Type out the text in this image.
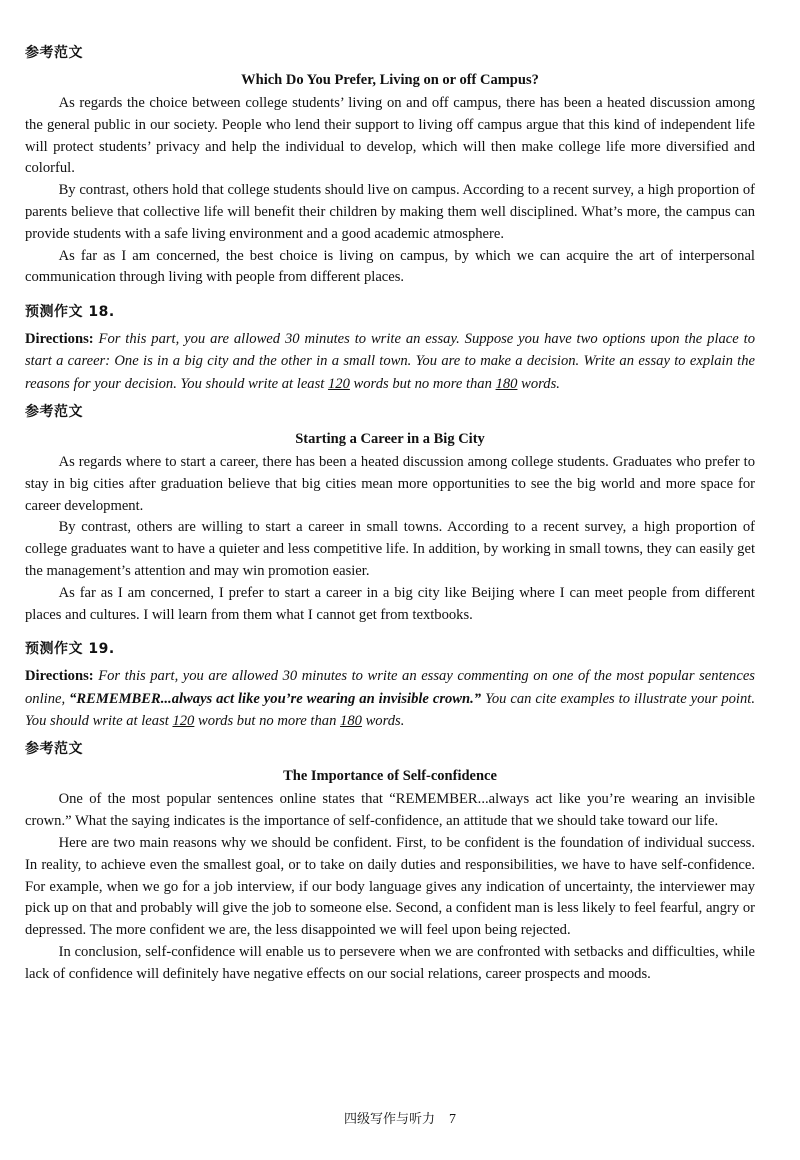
参考范文
Which Do You Prefer, Living on or off Campus?

As regards the choice between college students’ living on and off campus, there has been a heated discussion among the general public in our society. People who lend their support to living off campus argue that this kind of independent life will protect students’ privacy and help the individual to develop, which will then make college life more diversified and colorful.

By contrast, others hold that college students should live on campus. According to a recent survey, a high proportion of parents believe that collective life will benefit their children by making them well disciplined. What’s more, the campus can provide students with a safe living environment and a good academic atmosphere.

As far as I am concerned, the best choice is living on campus, by which we can acquire the art of interpersonal communication through living with people from different places.

预测作文 18.

Directions: For this part, you are allowed 30 minutes to write an essay. Suppose you have two options upon the place to start a career: One is in a big city and the other in a small town. You are to make a decision. Write an essay to explain the reasons for your decision. You should write at least 120 words but no more than 180 words.

参考范文
Starting a Career in a Big City

As regards where to start a career, there has been a heated discussion among college students. Graduates who prefer to stay in big cities after graduation believe that big cities mean more opportunities to see the big world and more space for career development.

By contrast, others are willing to start a career in small towns. According to a recent survey, a high proportion of college graduates want to have a quieter and less competitive life. In addition, by working in small towns, they can easily get the management’s attention and may win promotion easier.

As far as I am concerned, I prefer to start a career in a big city like Beijing where I can meet people from different places and cultures. I will learn from them what I cannot get from textbooks.

预测作文 19.

Directions: For this part, you are allowed 30 minutes to write an essay commenting on one of the most popular sentences online, “REMEMBER...always act like you’re wearing an invisible crown.” You can cite examples to illustrate your point. You should write at least 120 words but no more than 180 words.

参考范文
The Importance of Self-confidence

One of the most popular sentences online states that “REMEMBER...always act like you’re wearing an invisible crown.” What the saying indicates is the importance of self-confidence, an attitude that we should take toward our life.

Here are two main reasons why we should be confident. First, to be confident is the foundation of individual success. In reality, to achieve even the smallest goal, or to take on daily duties and responsibilities, we have to have self-confidence. For example, when we go for a job interview, if our body language gives any indication of uncertainty, the interviewer may pick up on that and probably will give the job to someone else. Second, a confident man is less likely to feel fearful, angry or depressed. The more confident we are, the less disappointed we will feel upon being rejected.

In conclusion, self-confidence will enable us to persevere when we are confronted with setbacks and difficulties, while lack of confidence will definitely have negative effects on our social relations, career prospects and moods.

四级写作与听力 7
